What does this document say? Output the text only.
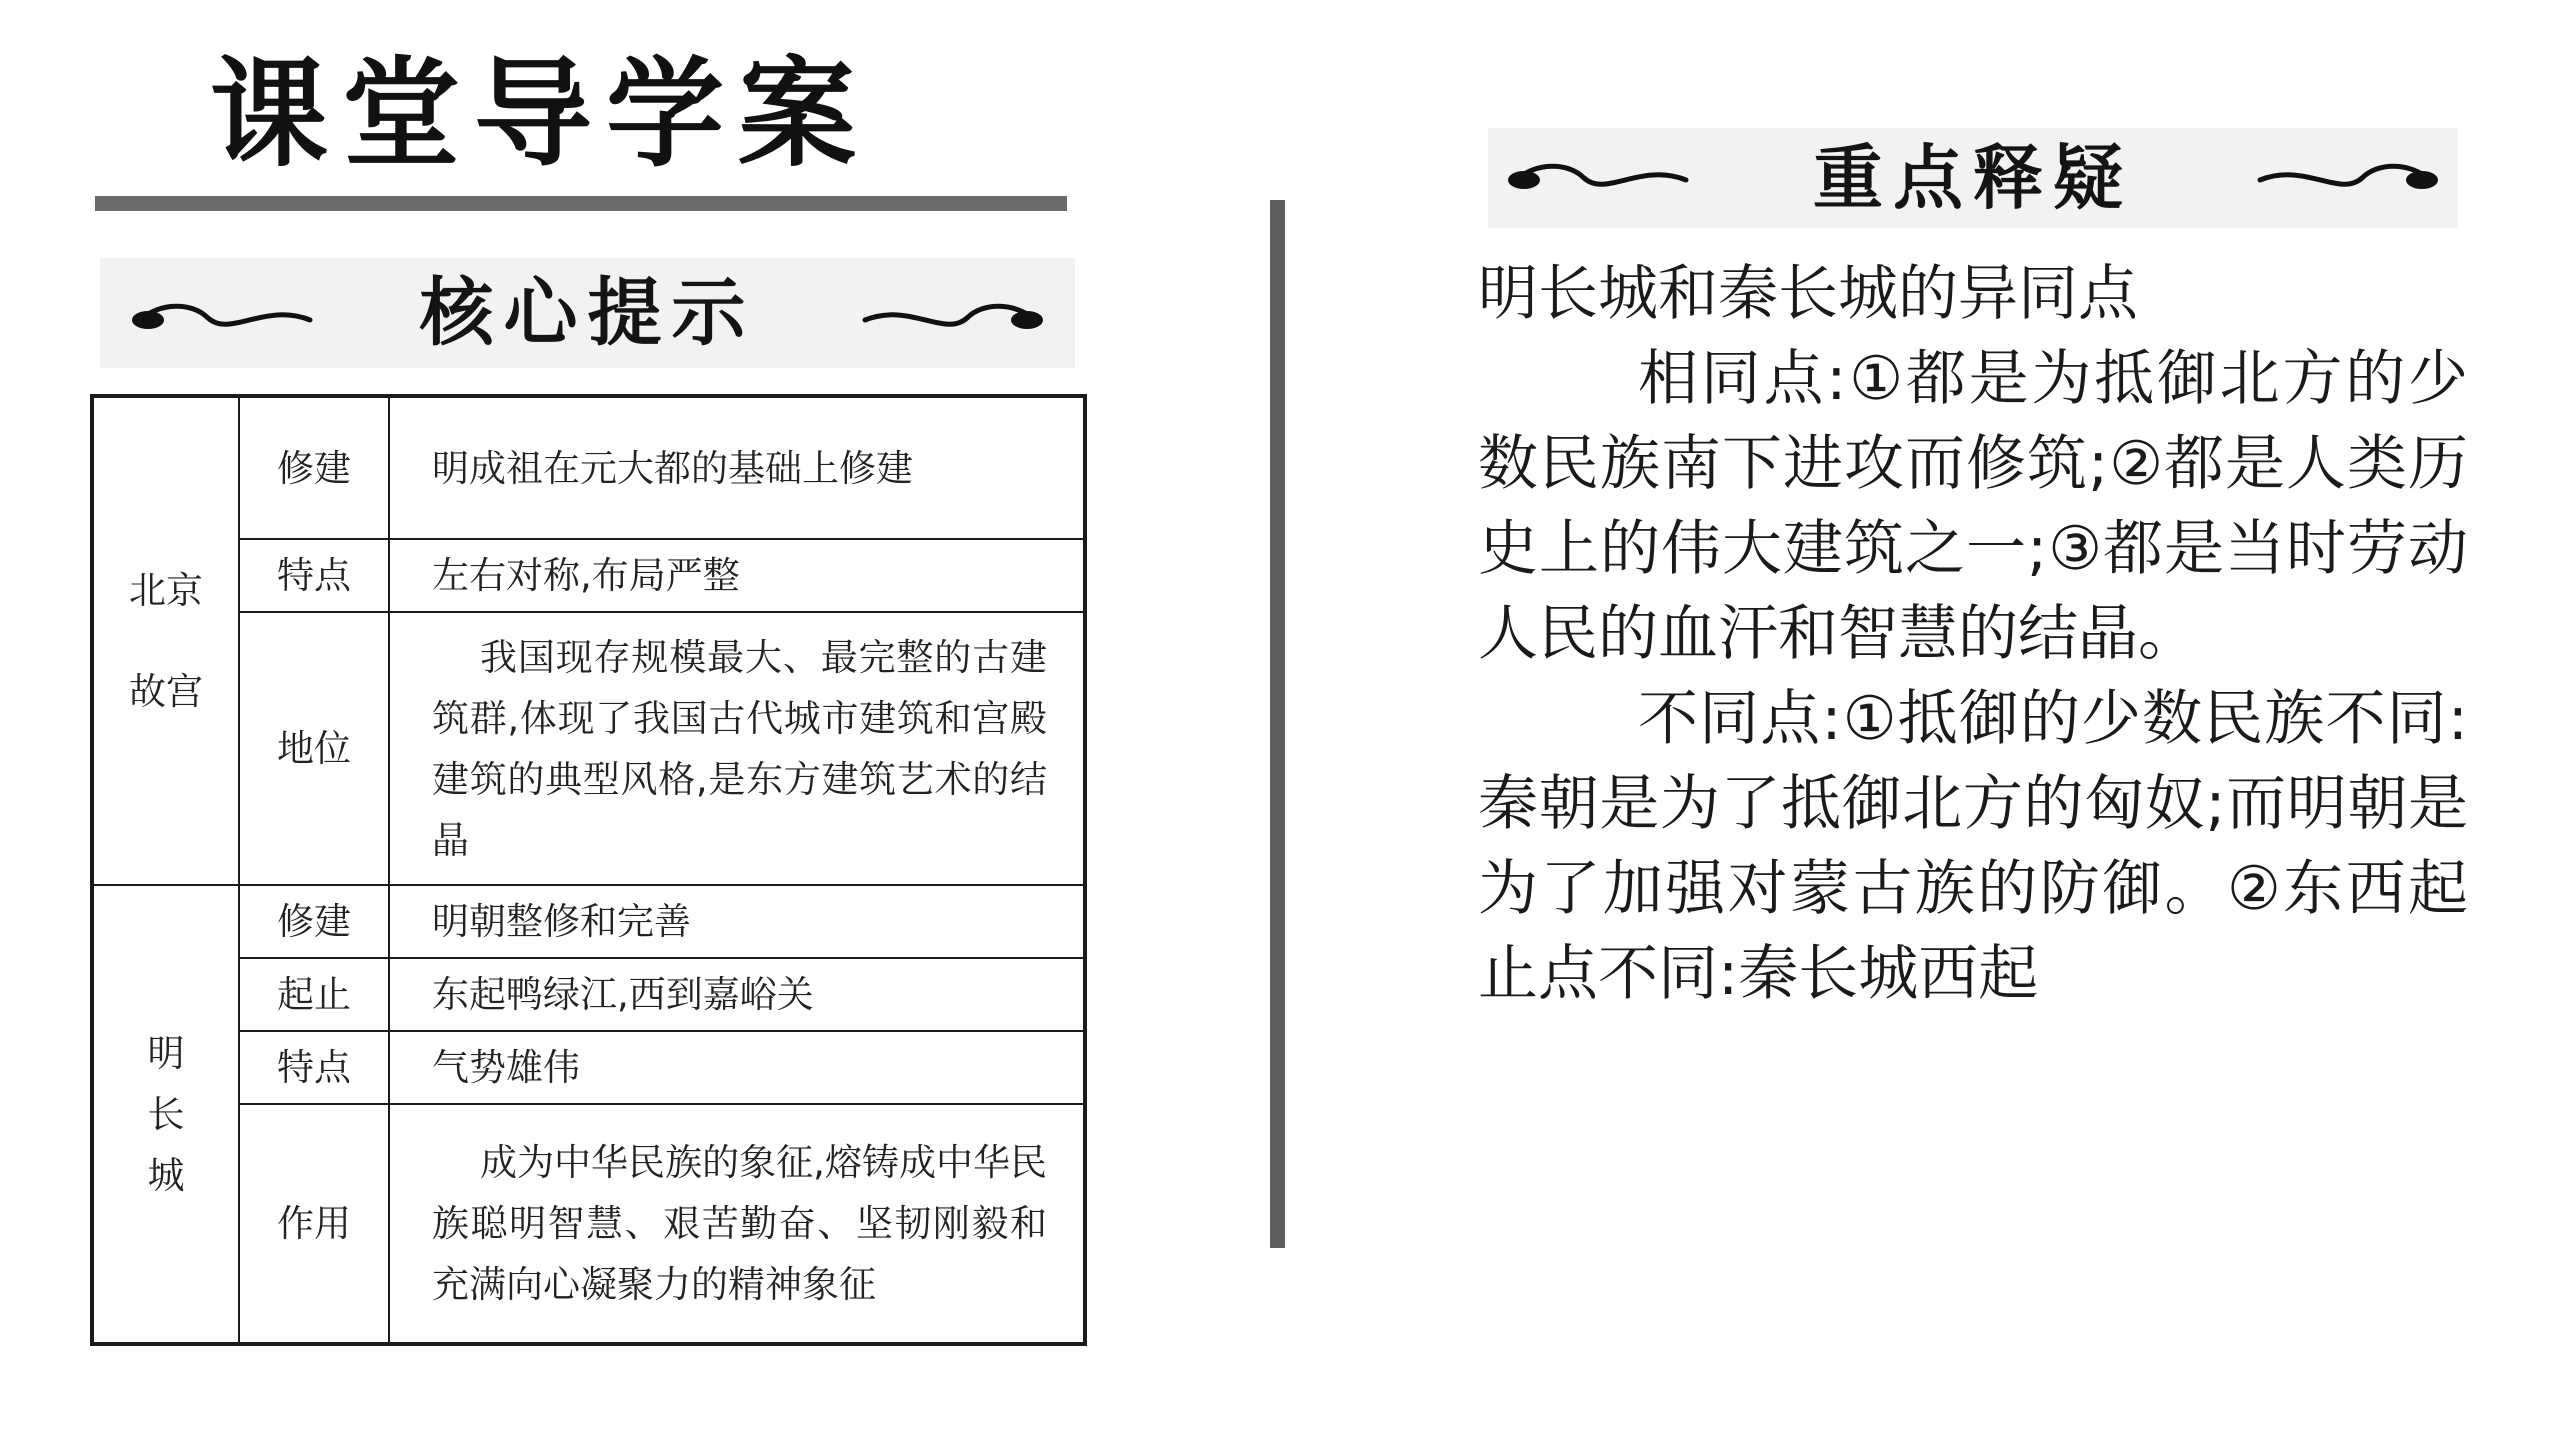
课堂导学案
核心提示
北京
故宫	修建	明成祖在元大都的基础上修建
	特点	左右对称,布局严整
	地位	我国现存规模最大、最完整的古建筑群,体现了我国古代城市建筑和宫殿建筑的典型风格,是东方建筑艺术的结晶

明
长
城	修建	明朝整修和完善
	起止	东起鸭绿江,西到嘉峪关
	特点	气势雄伟
	作用	成为中华民族的象征,熔铸成中华民族聪明智慧、艰苦勤奋、坚韧刚毅和充满向心凝聚力的精神象征
重点释疑

明长城和秦长城的异同点

相同点:①都是为抵御北方的少数民族南下进攻而修筑;②都是人类历史上的伟大建筑之一;③都是当时劳动人民的血汗和智慧的结晶。

不同点:①抵御的少数民族不同:秦朝是为了抵御北方的匈奴;而明朝是为了加强对蒙古族的防御。②东西起止点不同:秦长城西起
